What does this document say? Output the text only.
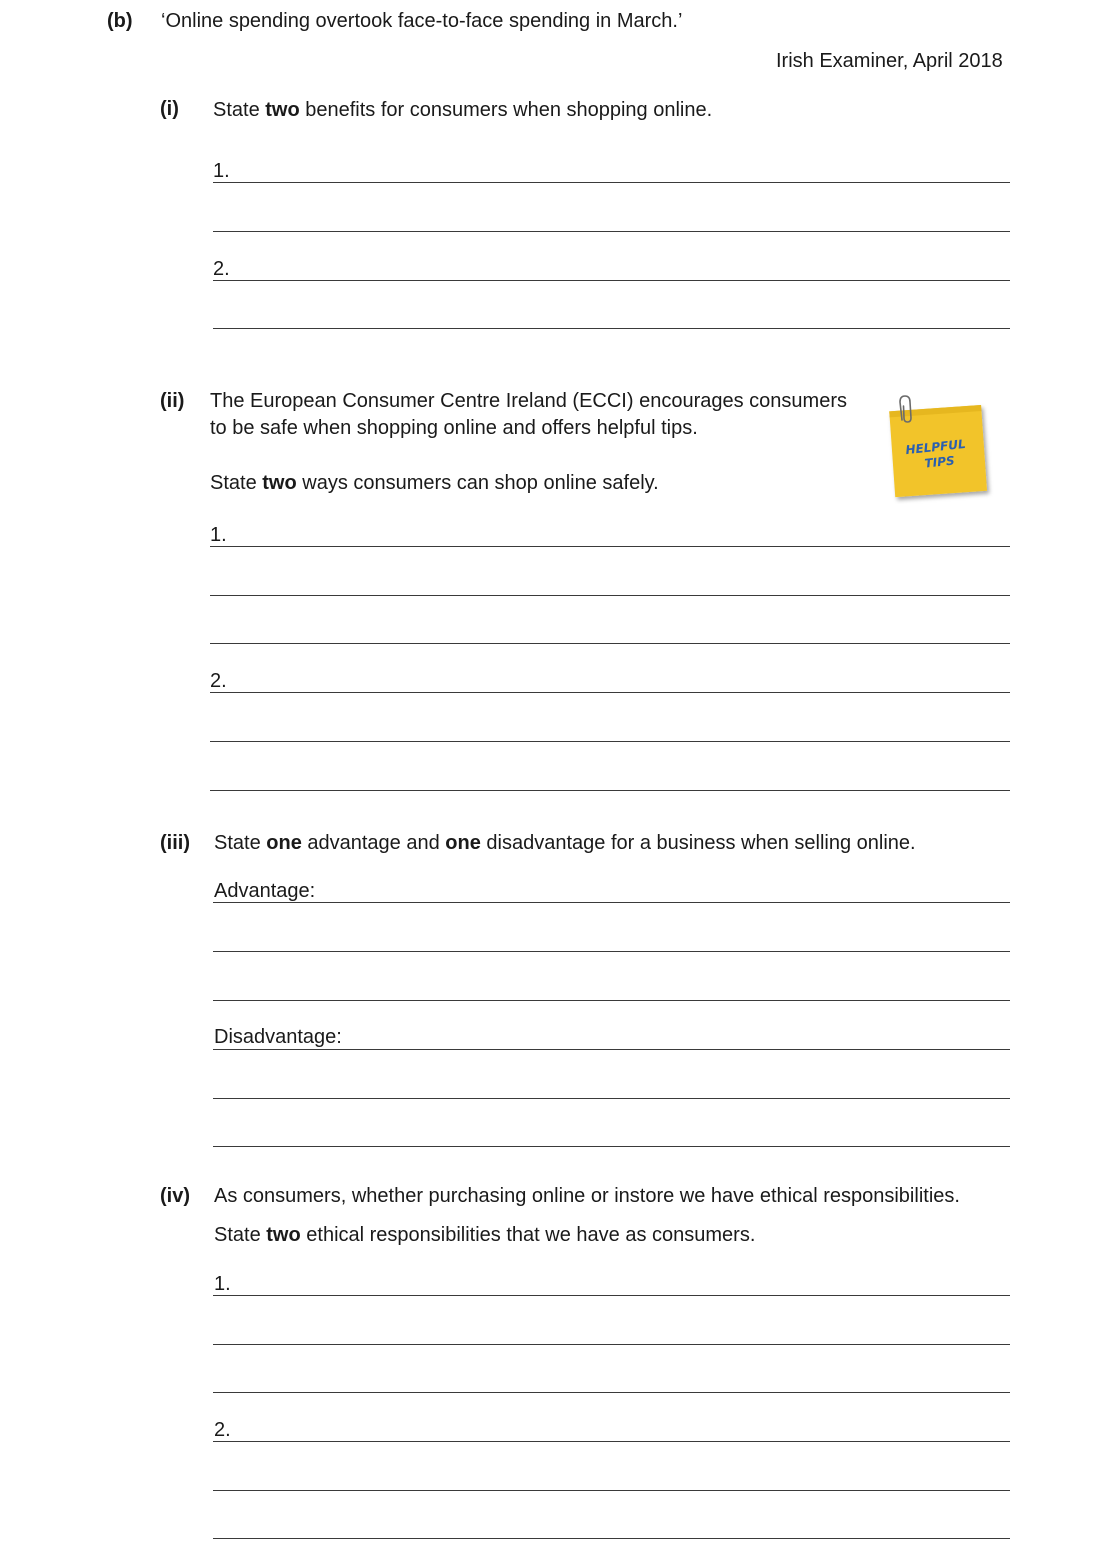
(b) ‘Online spending overtook face-to-face spending in March.’
Irish Examiner, April 2018
(i) State two benefits for consumers when shopping online.
1.
2.
(ii) The European Consumer Centre Ireland (ECCI) encourages consumers
to be safe when shopping online and offers helpful tips.
State two ways consumers can shop online safely.
HELPFUL
TIPS
1.
2.
(iii) State one advantage and one disadvantage for a business when selling online.
Advantage:
Disadvantage:
(iv) As consumers, whether purchasing online or instore we have ethical responsibilities.
State two ethical responsibilities that we have as consumers.
1.
2.
